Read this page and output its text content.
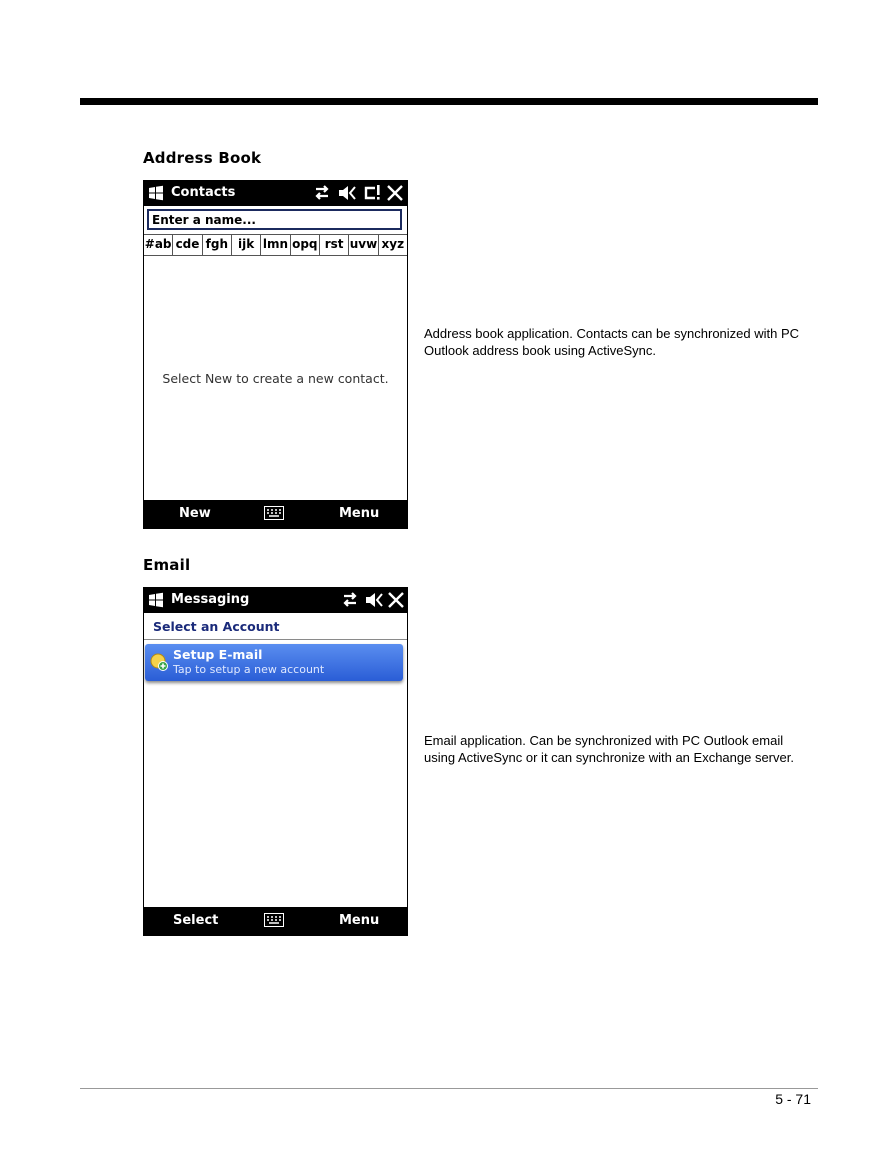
Address Book
Contacts
Enter a name...
#ab cde fgh ijk lmn opq rst uvw xyz
Select New to create a new contact.
New	Menu
Address book application. Contacts can be synchronized with PC Outlook address book using ActiveSync.
Email
Messaging
Select an Account
Setup E-mail
Tap to setup a new account
Select	Menu
Email application. Can be synchronized with PC Outlook email using ActiveSync or it can synchronize with an Exchange server.
5 - 71
